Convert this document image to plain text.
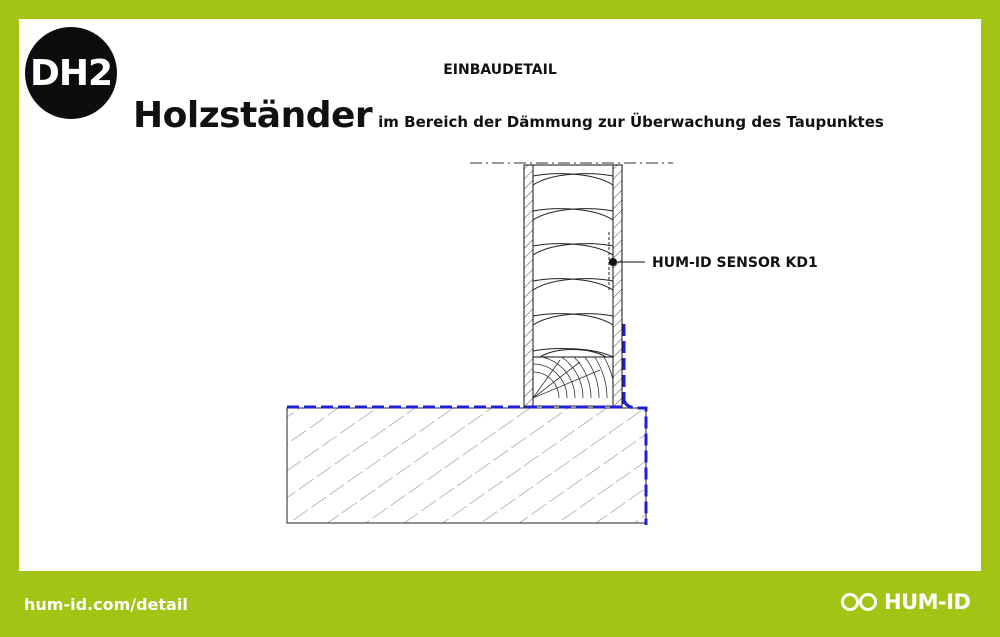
DH2	EINBAUDETAIL
Holzständer im Bereich der Dämmung zur Überwachung des Taupunktes
HUM-ID SENSOR KD1
hum-id.com/detail	HUM-ID
